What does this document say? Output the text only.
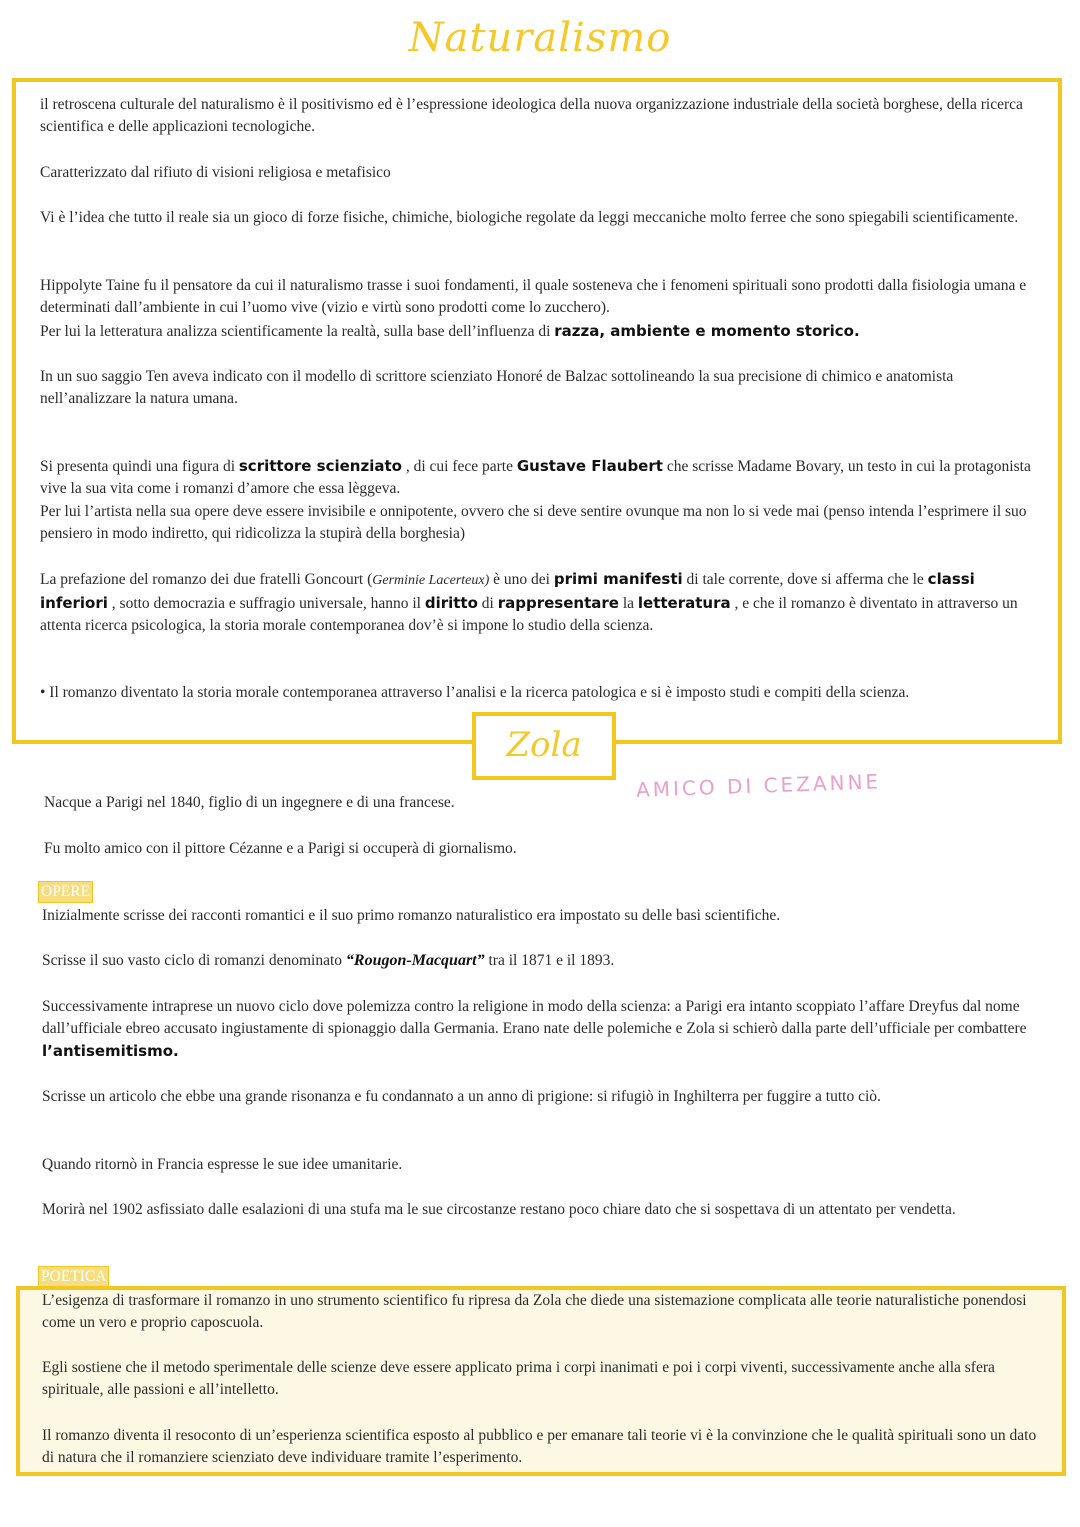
Naturalismo

il retroscena culturale del naturalismo è il positivismo ed è l’espressione ideologica della nuova organizzazione industriale della società borghese, della ricerca scientifica e delle applicazioni tecnologiche.

Caratterizzato dal rifiuto di visioni religiosa e metafisico

Vi è l’idea che tutto il reale sia un gioco di forze fisiche, chimiche, biologiche regolate da leggi meccaniche molto ferree che sono spiegabili scientificamente.

Hippolyte Taine fu il pensatore da cui il naturalismo trasse i suoi fondamenti, il quale sosteneva che i fenomeni spirituali sono prodotti dalla fisiologia umana e determinati dall’ambiente in cui l’uomo vive (vizio e virtù sono prodotti come lo zucchero).

Per lui la letteratura analizza scientificamente la realtà, sulla base dell’influenza di razza, ambiente e momento storico.

In un suo saggio Ten aveva indicato con il modello di scrittore scienziato Honoré de Balzac sottolineando la sua precisione di chimico e anatomista nell’analizzare la natura umana.

Si presenta quindi una figura di scrittore scienziato , di cui fece parte Gustave Flaubert che scrisse Madame Bovary, un testo in cui la protagonista vive la sua vita come i romanzi d’amore che essa lèggeva.

Per lui l’artista nella sua opere deve essere invisibile e onnipotente, ovvero che si deve sentire ovunque ma non lo si vede mai (penso intenda l’esprimere il suo pensiero in modo indiretto, qui ridicolizza la stupirà della borghesia)

La prefazione del romanzo dei due fratelli Goncourt (Germinie Lacerteux) è uno dei primi manifesti di tale corrente, dove si afferma che le classi inferiori , sotto democrazia e suffragio universale, hanno il diritto di rappresentare la letteratura , e che il romanzo è diventato in attraverso un attenta ricerca psicologica, la storia morale contemporanea dov’è si impone lo studio della scienza.

• Il romanzo diventato la storia morale contemporanea attraverso l’analisi e la ricerca patologica e si è imposto studi e compiti della scienza.

Zola
AMICO DI CEZANNE

Nacque a Parigi nel 1840, figlio di un ingegnere e di una francese.

Fu molto amico con il pittore Cézanne e a Parigi si occuperà di giornalismo.

OPERE

Inizialmente scrisse dei racconti romantici e il suo primo romanzo naturalistico era impostato su delle basi scientifiche.

Scrisse il suo vasto ciclo di romanzi denominato “Rougon-Macquart” tra il 1871 e il 1893.

Successivamente intraprese un nuovo ciclo dove polemizza contro la religione in modo della scienza: a Parigi era intanto scoppiato l’affare Dreyfus dal nome dall’ufficiale ebreo accusato ingiustamente di spionaggio dalla Germania. Erano nate delle polemiche e Zola si schierò dalla parte dell’ufficiale per combattere l’antisemitismo.

Scrisse un articolo che ebbe una grande risonanza e fu condannato a un anno di prigione: si rifugiò in Inghilterra per fuggire a tutto ciò.

Quando ritornò in Francia espresse le sue idee umanitarie.

Morirà nel 1902 asfissiato dalle esalazioni di una stufa ma le sue circostanze restano poco chiare dato che si sospettava di un attentato per vendetta.

POETICA

L’esigenza di trasformare il romanzo in uno strumento scientifico fu ripresa da Zola che diede una sistemazione complicata alle teorie naturalistiche ponendosi come un vero e proprio caposcuola.

Egli sostiene che il metodo sperimentale delle scienze deve essere applicato prima i corpi inanimati e poi i corpi viventi, successivamente anche alla sfera spirituale, alle passioni e all’intelletto.

Il romanzo diventa il resoconto di un’esperienza scientifica esposto al pubblico e per emanare tali teorie vi è la convinzione che le qualità spirituali sono un dato di natura che il romanziere scienziato deve individuare tramite l’esperimento.
